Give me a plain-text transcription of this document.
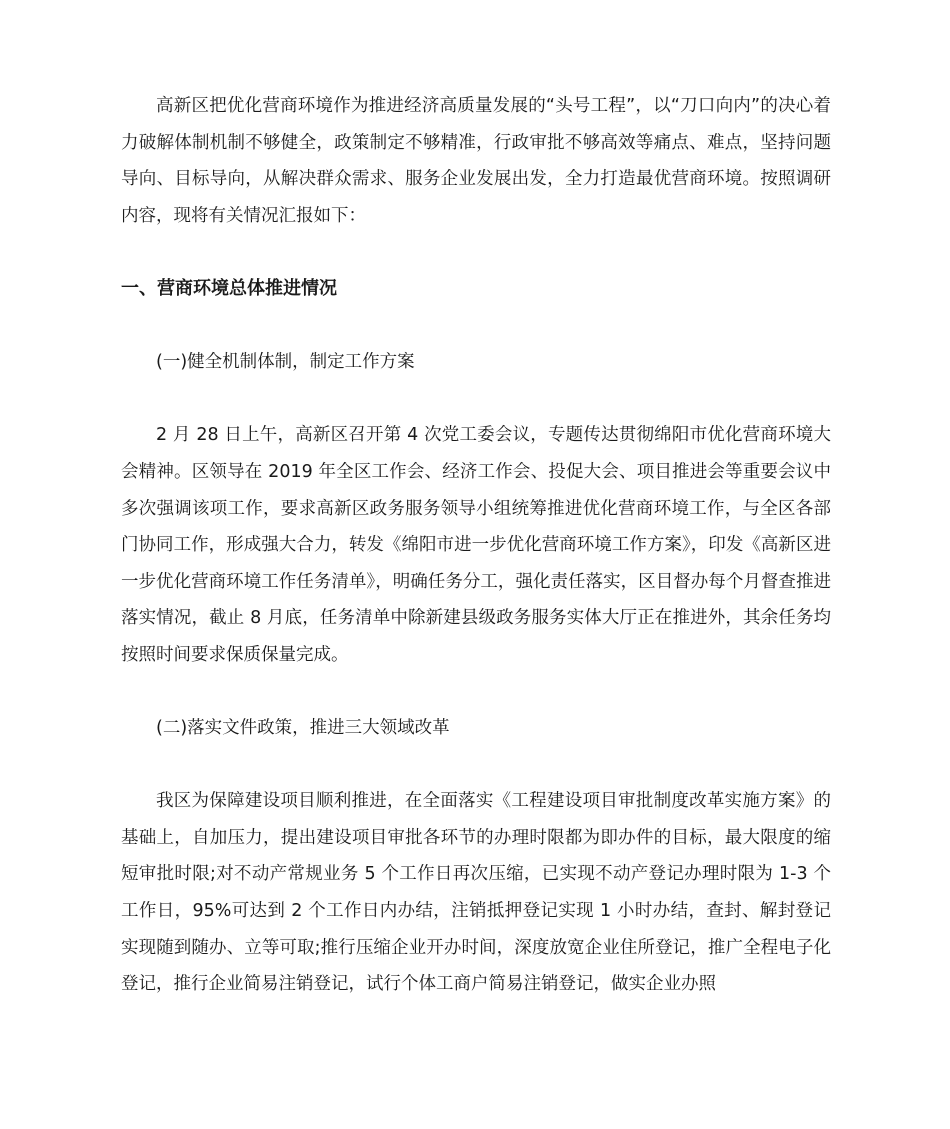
高新区把优化营商环境作为推进经济高质量发展的“头号工程”，以“刀口向内”的决心着力破解体制机制不够健全，政策制定不够精准，行政审批不够高效等痛点、难点，坚持问题导向、目标导向，从解决群众需求、服务企业发展出发，全力打造最优营商环境。按照调研内容，现将有关情况汇报如下：

一、营商环境总体推进情况

(一)健全机制体制，制定工作方案

2 月 28 日上午，高新区召开第 4 次党工委会议，专题传达贯彻绵阳市优化营商环境大会精神。区领导在 2019 年全区工作会、经济工作会、投促大会、项目推进会等重要会议中多次强调该项工作，要求高新区政务服务领导小组统筹推进优化营商环境工作，与全区各部门协同工作，形成强大合力，转发《绵阳市进一步优化营商环境工作方案》，印发《高新区进一步优化营商环境工作任务清单》，明确任务分工，强化责任落实，区目督办每个月督查推进落实情况，截止 8 月底，任务清单中除新建县级政务服务实体大厅正在推进外，其余任务均按照时间要求保质保量完成。

(二)落实文件政策，推进三大领域改革

我区为保障建设项目顺利推进，在全面落实《工程建设项目审批制度改革实施方案》的基础上，自加压力，提出建设项目审批各环节的办理时限都为即办件的目标，最大限度的缩短审批时限;对不动产常规业务 5 个工作日再次压缩，已实现不动产登记办理时限为 1-3 个工作日，95%可达到 2 个工作日内办结，注销抵押登记实现 1 小时办结，查封、解封登记实现随到随办、立等可取;推行压缩企业开办时间，深度放宽企业住所登记，推广全程电子化登记，推行企业简易注销登记，试行个体工商户简易注销登记，做实企业办照
